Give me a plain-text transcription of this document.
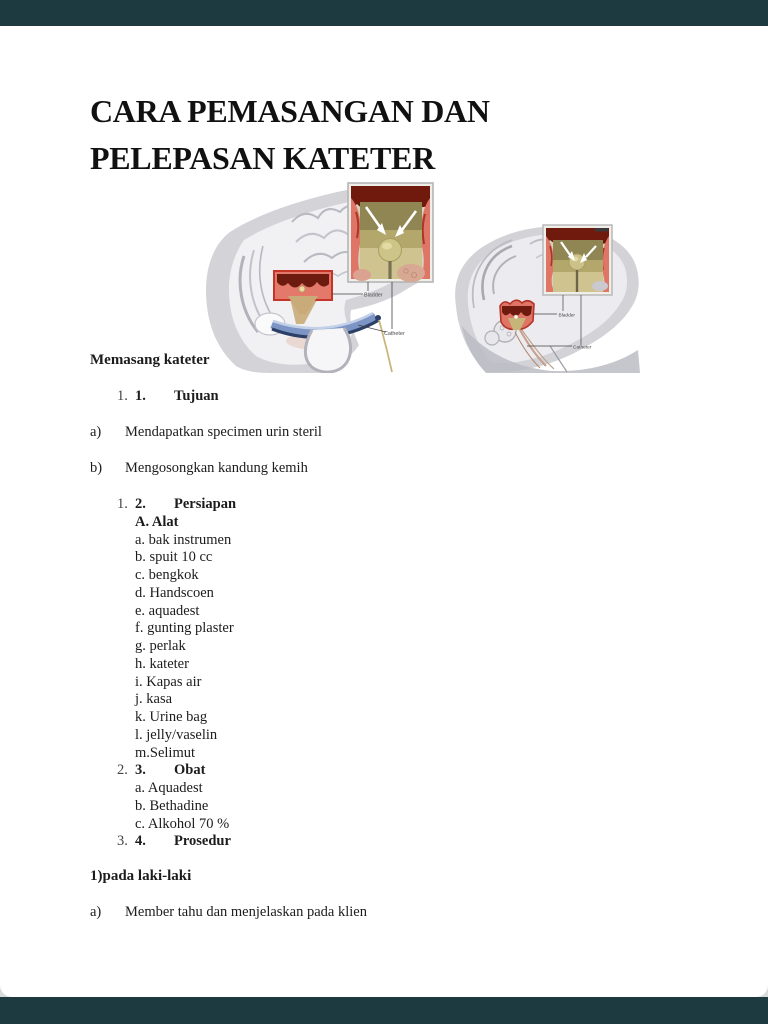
CARA PEMASANGAN DAN
PELEPASAN KATETER
Bladder
Catheter
Bladder
Catheter
Memasang kateter
1. 1. Tujuan
a) Mendapatkan specimen urin steril
b) Mengosongkan kandung kemih
1. 2. Persiapan
A. Alat
a. bak instrumen
b. spuit 10 cc
c. bengkok
d. Handscoen
e. aquadest
f. gunting plaster
g. perlak
h. kateter
i. Kapas air
j. kasa
k. Urine bag
l. jelly/vaselin
m.Selimut
2. 3. Obat
a. Aquadest
b. Bethadine
c. Alkohol 70 %
3. 4. Prosedur
1)pada laki-laki
a) Member tahu dan menjelaskan pada klien
